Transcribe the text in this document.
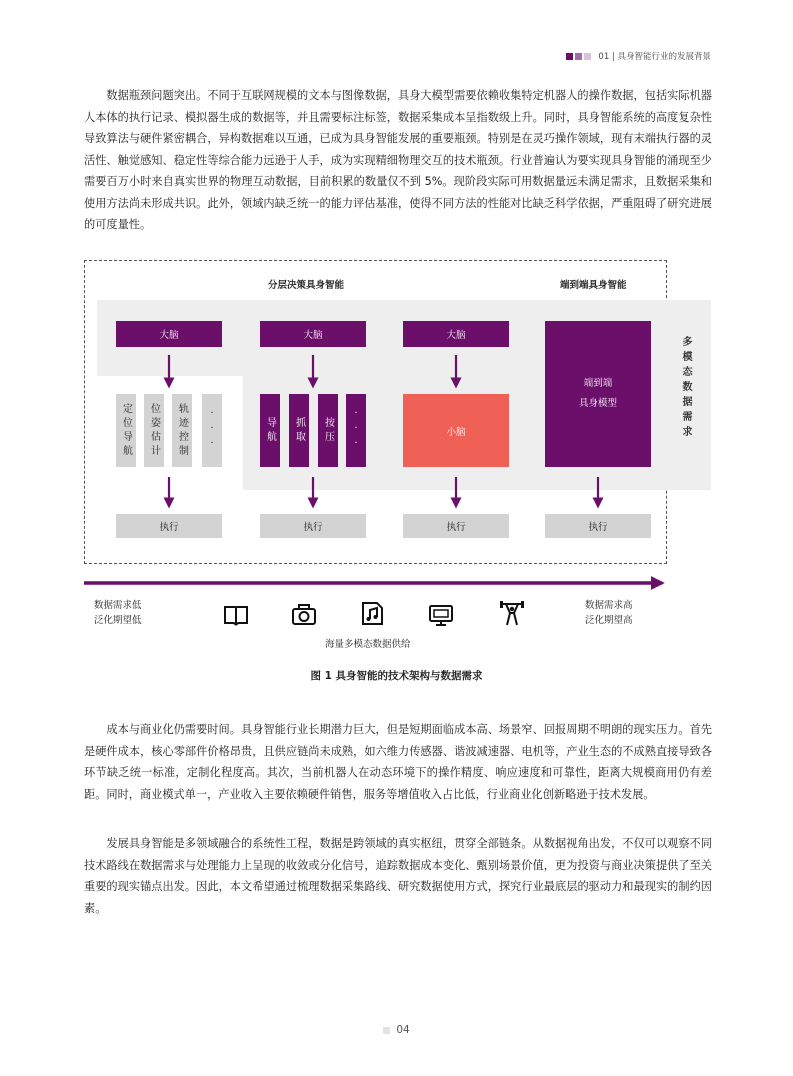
01 | 具身智能行业的发展背景
数据瓶颈问题突出。不同于互联网规模的文本与图像数据，具身大模型需要依赖收集特定机器人的操作数据，包括实际机器人本体的执行记录、模拟器生成的数据等，并且需要标注标签，数据采集成本呈指数级上升。同时，具身智能系统的高度复杂性导致算法与硬件紧密耦合，异构数据难以互通，已成为具身智能发展的重要瓶颈。特别是在灵巧操作领域，现有末端执行器的灵活性、触觉感知、稳定性等综合能力远逊于人手，成为实现精细物理交互的技术瓶颈。行业普遍认为要实现具身智能的涌现至少需要百万小时来自真实世界的物理互动数据，目前积累的数量仅不到 5%。现阶段实际可用数据量远未满足需求，且数据采集和使用方法尚未形成共识。此外，领域内缺乏统一的能力评估基准，使得不同方法的性能对比缺乏科学依据，严重阻碍了研究进展的可度量性。
分层决策具身智能	端到端具身智能
大脑	大脑	大脑
端到端
具身模型
定位导航 位姿估计 轨迹控制 ···	导航 抓取 按压 ···	小脑
执行	执行	执行	执行
多模态数据需求
数据需求低
泛化期望低
数据需求高
泛化期望高
海量多模态数据供给
图 1 具身智能的技术架构与数据需求
成本与商业化仍需要时间。具身智能行业长期潜力巨大，但是短期面临成本高、场景窄、回报周期不明朗的现实压力。首先是硬件成本，核心零部件价格昂贵，且供应链尚未成熟，如六维力传感器、谐波减速器、电机等，产业生态的不成熟直接导致各环节缺乏统一标准，定制化程度高。其次，当前机器人在动态环境下的操作精度、响应速度和可靠性，距离大规模商用仍有差距。同时，商业模式单一，产业收入主要依赖硬件销售，服务等增值收入占比低，行业商业化创新略逊于技术发展。
发展具身智能是多领域融合的系统性工程，数据是跨领域的真实枢纽，贯穿全部链条。从数据视角出发，不仅可以观察不同技术路线在数据需求与处理能力上呈现的收敛或分化信号，追踪数据成本变化、甄别场景价值，更为投资与商业决策提供了至关重要的现实锚点出发。因此，本文希望通过梳理数据采集路线、研究数据使用方式，探究行业最底层的驱动力和最现实的制约因素。
04
